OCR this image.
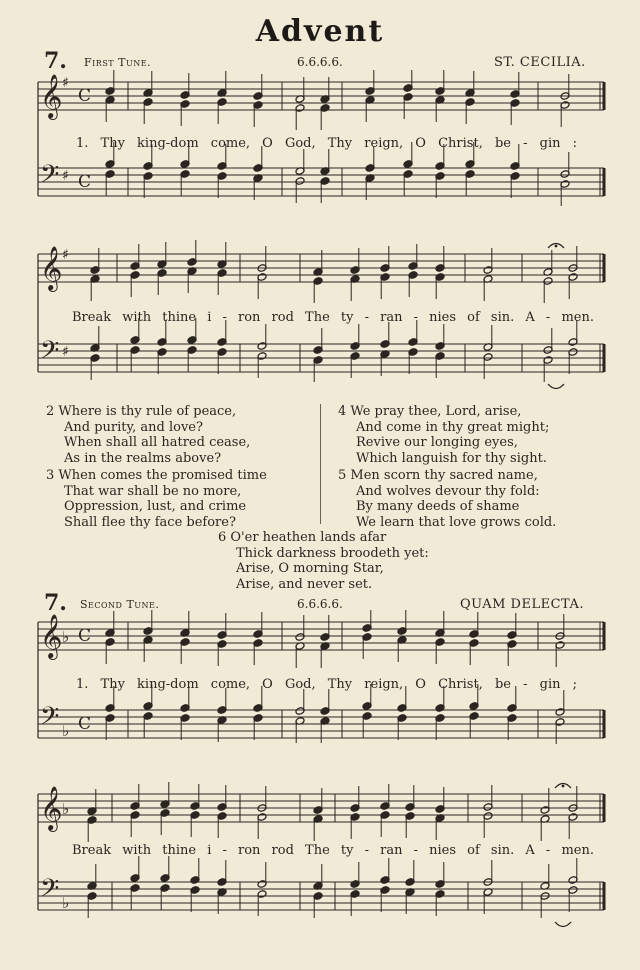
Advent
7. First Tune.	6.6.6.6.	ST. CECILIA.
𝄞
𝄢
♯
♯
C
C
1. Thy king-dom come, O God, Thy reign, O Christ, be - gin :
𝄞
𝄢
♯
♯
Break with thine i - ron rod The ty - ran - nies of sin. A - men.
2 Where is thy rule of peace,
And purity, and love?
When shall all hatred cease,
As in the realms above?
3 When comes the promised time
That war shall be no more,
Oppression, lust, and crime
Shall flee thy face before?
4 We pray thee, Lord, arise,
And come in thy great might;
Revive our longing eyes,
Which languish for thy sight.
5 Men scorn thy sacred name,
And wolves devour thy fold:
By many deeds of shame
We learn that love grows cold.
6 O'er heathen lands afar
Thick darkness broodeth yet:
Arise, O morning Star,
Arise, and never set.
7. Second Tune.	6.6.6.6.	QUAM DELECTA.
𝄞
𝄢
♭
♭
C
C
1. Thy king-dom come, O God, Thy reign, O Christ, be - gin ;
𝄞
𝄢
♭
♭
Break with thine i - ron rod The ty - ran - nies of sin. A - men.
